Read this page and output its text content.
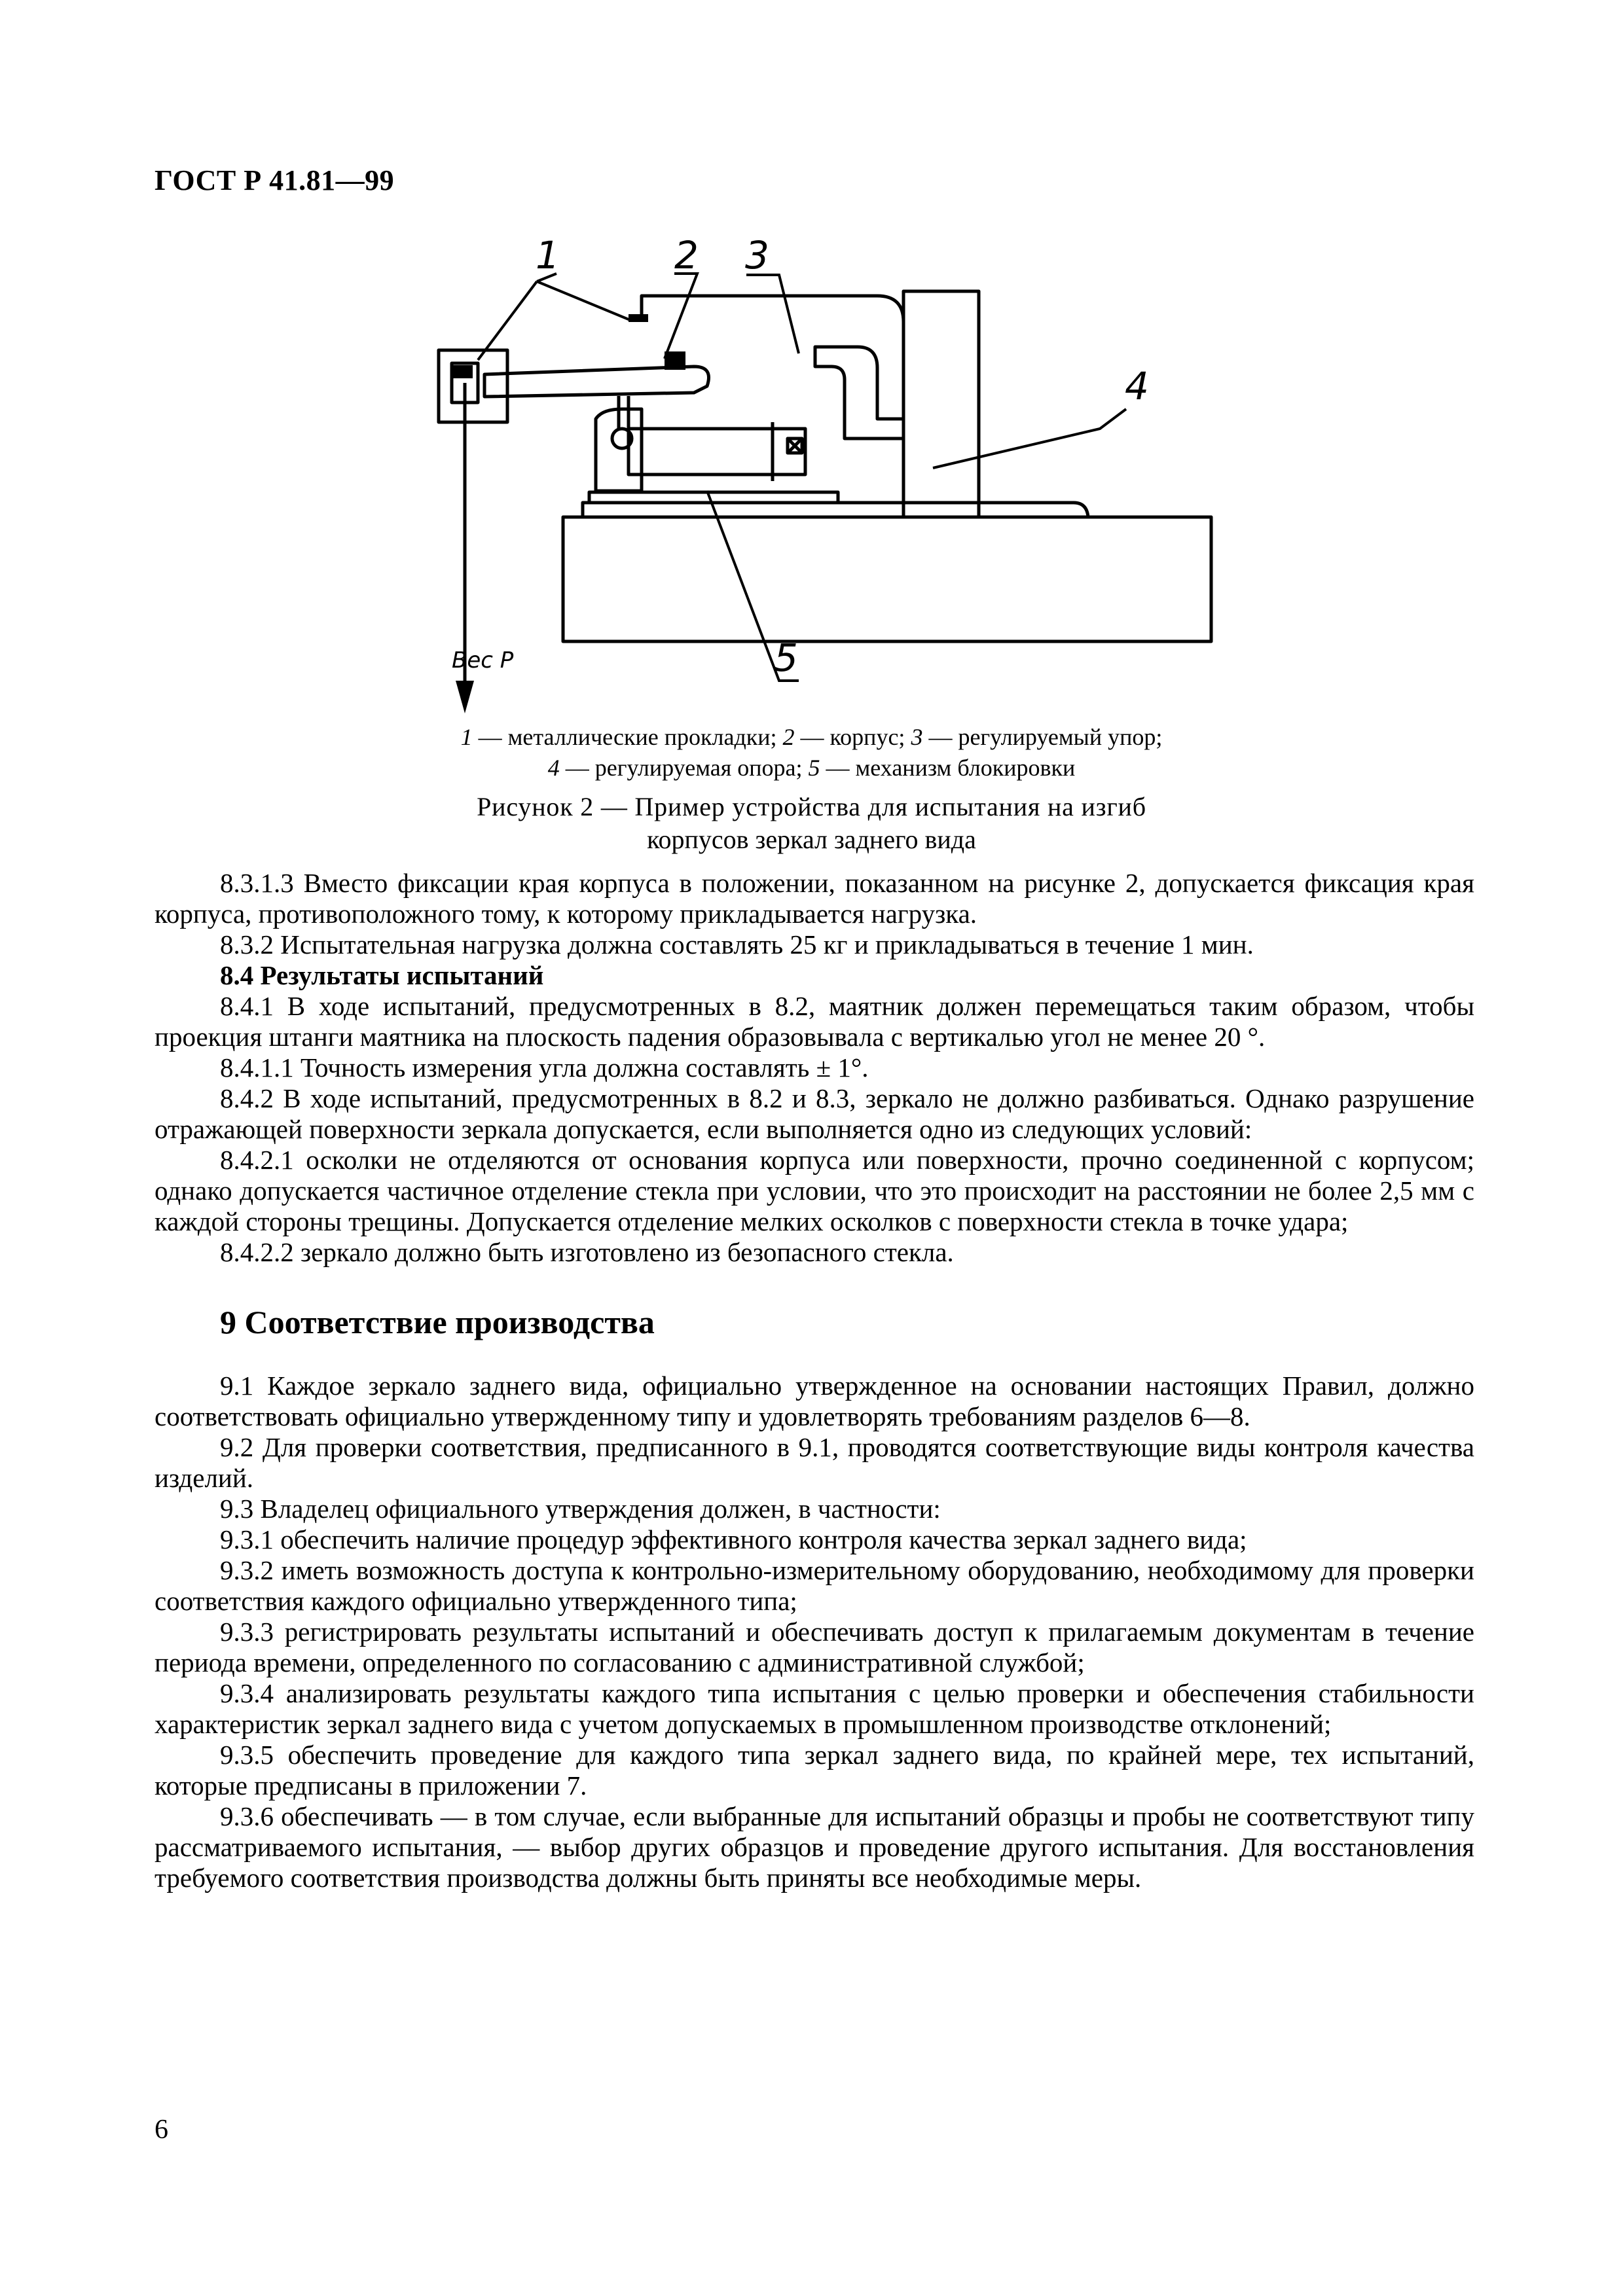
ГОСТ Р 41.81—99
1	2 3
4
5
Вес Р
1 — металлические прокладки; 2 — корпус; 3 — регулируемый упор;
4 — регулируемая опора; 5 — механизм блокировки
Рисунок 2 — Пример устройства для испытания на изгиб
корпусов зеркал заднего вида

8.3.1.3 Вместо фиксации края корпуса в положении, показанном на рисунке 2, допускается фиксация края корпуса, противоположного тому, к которому прикладывается нагрузка.

8.3.2 Испытательная нагрузка должна составлять 25 кг и прикладываться в течение 1 мин.

8.4 Результаты испытаний

8.4.1 В ходе испытаний, предусмотренных в 8.2, маятник должен перемещаться таким образом, чтобы проекция штанги маятника на плоскость падения образовывала с вертикалью угол не менее 20 °.

8.4.1.1 Точность измерения угла должна составлять ± 1°.

8.4.2 В ходе испытаний, предусмотренных в 8.2 и 8.3, зеркало не должно разбиваться. Однако разрушение отражающей поверхности зеркала допускается, если выполняется одно из следующих условий:

8.4.2.1 осколки не отделяются от основания корпуса или поверхности, прочно соединенной с корпусом; однако допускается частичное отделение стекла при условии, что это происходит на расстоянии не более 2,5 мм с каждой стороны трещины. Допускается отделение мелких осколков с поверхности стекла в точке удара;

8.4.2.2 зеркало должно быть изготовлено из безопасного стекла.

9 Соответствие производства

9.1 Каждое зеркало заднего вида, официально утвержденное на основании настоящих Правил, должно соответствовать официально утвержденному типу и удовлетворять требованиям разделов 6—8.

9.2 Для проверки соответствия, предписанного в 9.1, проводятся соответствующие виды контроля качества изделий.

9.3 Владелец официального утверждения должен, в частности:

9.3.1 обеспечить наличие процедур эффективного контроля качества зеркал заднего вида;

9.3.2 иметь возможность доступа к контрольно-измерительному оборудованию, необходимому для проверки соответствия каждого официально утвержденного типа;

9.3.3 регистрировать результаты испытаний и обеспечивать доступ к прилагаемым документам в течение периода времени, определенного по согласованию с административной службой;

9.3.4 анализировать результаты каждого типа испытания с целью проверки и обеспечения стабильности характеристик зеркал заднего вида с учетом допускаемых в промышленном производстве отклонений;

9.3.5 обеспечить проведение для каждого типа зеркал заднего вида, по крайней мере, тех испытаний, которые предписаны в приложении 7.

9.3.6 обеспечивать — в том случае, если выбранные для испытаний образцы и пробы не соответствуют типу рассматриваемого испытания, — выбор других образцов и проведение другого испытания. Для восстановления требуемого соответствия производства должны быть приняты все необходимые меры.

6
